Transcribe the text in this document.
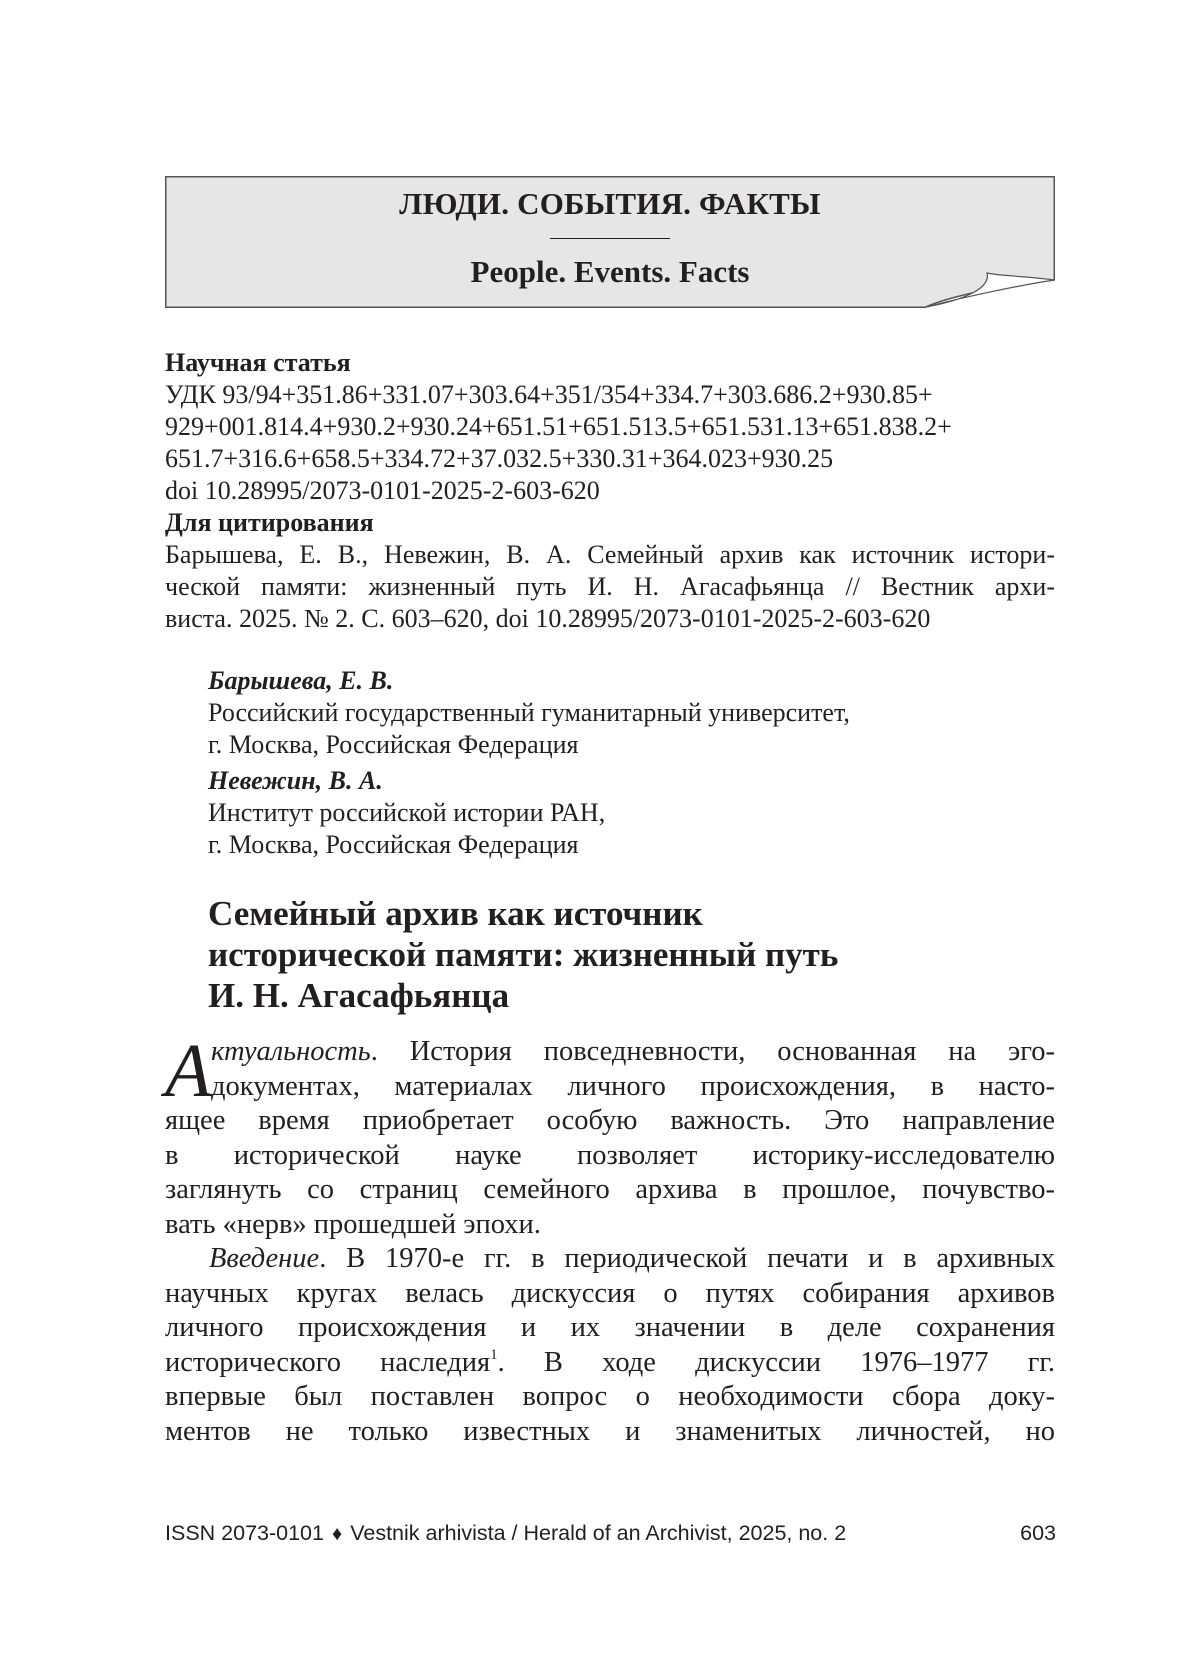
ЛЮДИ. СОБЫТИЯ. ФАКТЫ
People. Events. Facts
Научная статья
УДК 93/94+351.86+331.07+303.64+351/354+334.7+303.686.2+930.85+
929+001.814.4+930.2+930.24+651.51+651.513.5+651.531.13+651.838.2+
651.7+316.6+658.5+334.72+37.032.5+330.31+364.023+930.25
doi 10.28995/2073-0101-2025-2-603-620
Для цитирования
Барышева, Е. В., Невежин, В. А. Семейный архив как источник истори-
ческой памяти: жизненный путь И. Н. Агасафьянца // Вестник архи-
виста. 2025. № 2. С. 603–620, doi 10.28995/2073-0101-2025-2-603-620
Барышева, Е. В.
Российский государственный гуманитарный университет,
г. Москва, Российская Федерация
Невежин, В. А.
Институт российской истории РАН,
г. Москва, Российская Федерация
Семейный архив как источник
исторической памяти: жизненный путь
И. Н. Агасафьянца
А ктуальность. История повседневности, основанная на эго-
документах, материалах личного происхождения, в насто-
ящее время приобретает особую важность. Это направление
в исторической науке позволяет историку-исследователю
заглянуть со страниц семейного архива в прошлое, почувство-
вать «нерв» прошедшей эпохи.
Введение. В 1970-е гг. в периодической печати и в архивных
научных кругах велась дискуссия о путях собирания архивов
личного происхождения и их значении в деле сохранения
исторического наследия$^1$. В ходе дискуссии 1976–1977 гг.
впервые был поставлен вопрос о необходимости сбора доку-
ментов не только известных и знаменитых личностей, но
ISSN 2073-0101 ♦ Vestnik arhivista / Herald of an Archivist, 2025, no. 2	603
